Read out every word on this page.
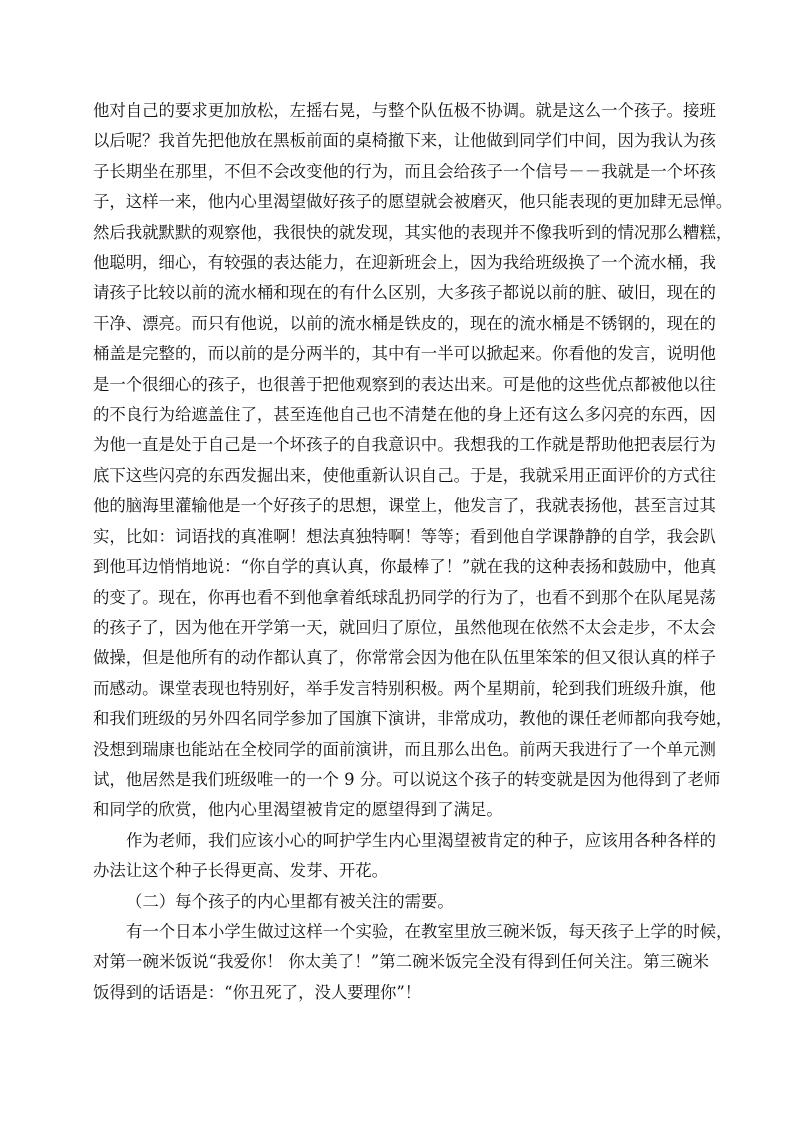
他对自己的要求更加放松，左摇右晃，与整个队伍极不协调。就是这么一个孩子。接班
以后呢？我首先把他放在黑板前面的桌椅撤下来，让他做到同学们中间，因为我认为孩
子长期坐在那里，不但不会改变他的行为，而且会给孩子一个信号－－我就是一个坏孩
子，这样一来，他内心里渴望做好孩子的愿望就会被磨灭，他只能表现的更加肆无忌惮。
然后我就默默的观察他，我很快的就发现，其实他的表现并不像我听到的情况那么糟糕，
他聪明，细心，有较强的表达能力，在迎新班会上，因为我给班级换了一个流水桶，我
请孩子比较以前的流水桶和现在的有什么区别，大多孩子都说以前的脏、破旧，现在的
干净、漂亮。而只有他说，以前的流水桶是铁皮的，现在的流水桶是不锈钢的，现在的
桶盖是完整的，而以前的是分两半的，其中有一半可以掀起来。你看他的发言，说明他
是一个很细心的孩子，也很善于把他观察到的表达出来。可是他的这些优点都被他以往
的不良行为给遮盖住了，甚至连他自己也不清楚在他的身上还有这么多闪亮的东西，因
为他一直是处于自己是一个坏孩子的自我意识中。我想我的工作就是帮助他把表层行为
底下这些闪亮的东西发掘出来，使他重新认识自己。于是，我就采用正面评价的方式往
他的脑海里灌输他是一个好孩子的思想，课堂上，他发言了，我就表扬他，甚至言过其
实，比如：词语找的真准啊！想法真独特啊！等等；看到他自学课静静的自学，我会趴
到他耳边悄悄地说：“你自学的真认真，你最棒了！”就在我的这种表扬和鼓励中，他真
的变了。现在，你再也看不到他拿着纸球乱扔同学的行为了，也看不到那个在队尾晃荡
的孩子了，因为他在开学第一天，就回归了原位，虽然他现在依然不太会走步，不太会
做操，但是他所有的动作都认真了，你常常会因为他在队伍里笨笨的但又很认真的样子
而感动。课堂表现也特别好，举手发言特别积极。两个星期前，轮到我们班级升旗，他
和我们班级的另外四名同学参加了国旗下演讲，非常成功，教他的课任老师都向我夸她，
没想到瑞康也能站在全校同学的面前演讲，而且那么出色。前两天我进行了一个单元测
试，他居然是我们班级唯一的一个 9 分。可以说这个孩子的转变就是因为他得到了老师
和同学的欣赏，他内心里渴望被肯定的愿望得到了满足。

作为老师，我们应该小心的呵护学生内心里渴望被肯定的种子，应该用各种各样的
办法让这个种子长得更高、发芽、开花。

（二）每个孩子的内心里都有被关注的需要。

有一个日本小学生做过这样一个实验，在教室里放三碗米饭，每天孩子上学的时候，
对第一碗米饭说“我爱你！ 你太美了！”第二碗米饭完全没有得到任何关注。第三碗米
饭得到的话语是：“你丑死了，没人要理你”！
